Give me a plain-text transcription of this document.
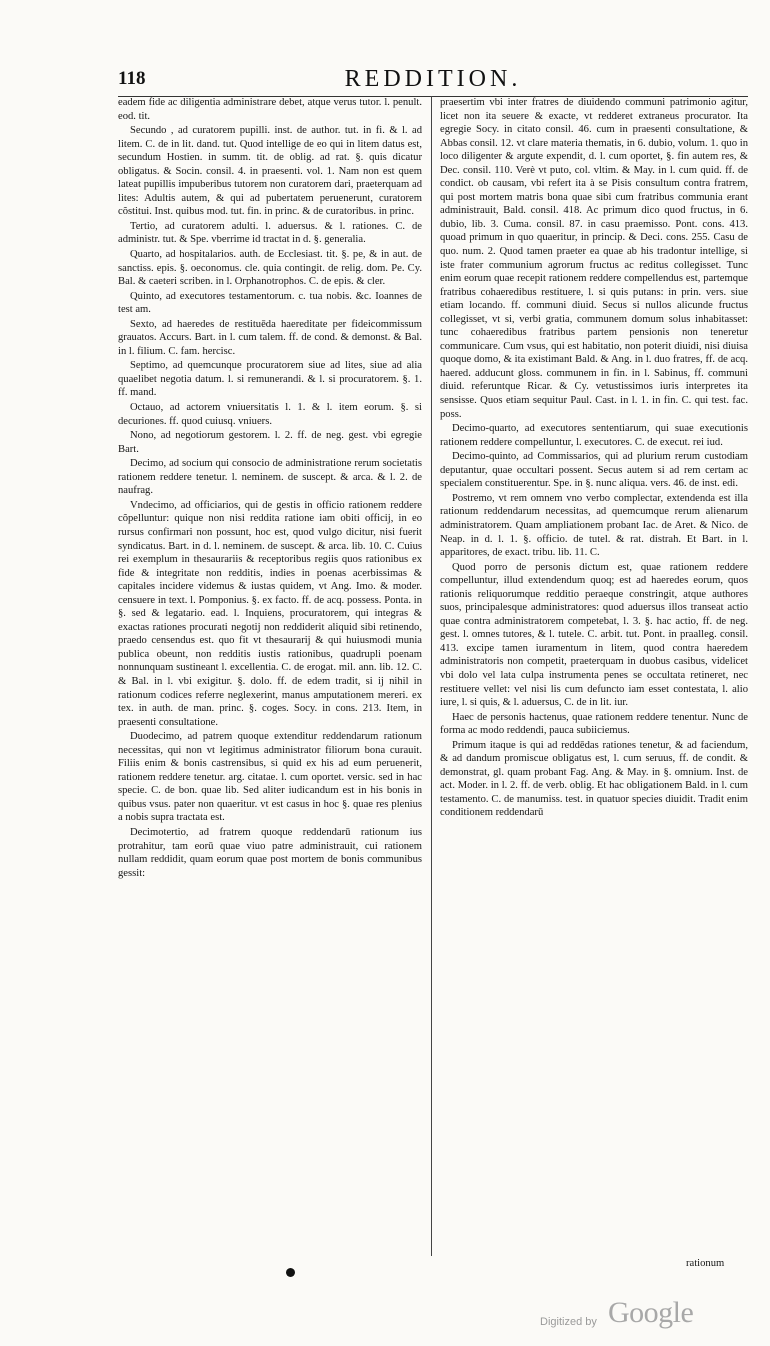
118	REDDITION.

eadem fide ac diligentia administrare debet, atque verus tutor. l. penult. eod. tit.

Secundo , ad curatorem pupilli. inst. de author. tut. in fi. & l. ad litem. C. de in lit. dand. tut. Quod intellige de eo qui in litem datus est, secundum Hostien. in summ. tit. de oblig. ad rat. §. quis dicatur obligatus. & Socin. consil. 4. in praesenti. vol. 1. Nam non est quem lateat pupillis impuberibus tutorem non curatorem dari, praeterquam ad lites: Adultis autem, & qui ad pubertatem peruenerunt, curatorem cõstitui. Inst. quibus mod. tut. fin. in princ. & de curatoribus. in princ.

Tertio, ad curatorem adulti. l. aduersus. & l. rationes. C. de administr. tut. & Spe. vberrime id tractat in d. §. generalia.

Quarto, ad hospitalarios. auth. de Ecclesiast. tit. §. pe, & in aut. de sanctiss. epis. §. oeconomus. cle. quia contingit. de relig. dom. Pe. Cy. Bal. & caeteri scriben. in l. Orphanotrophos. C. de epis. & cler.

Quinto, ad executores testamentorum. c. tua nobis. &c. Ioannes de test am.

Sexto, ad haeredes de restituēda haereditate per fideicommissum grauatos. Accurs. Bart. in l. cum talem. ff. de cond. & demonst. & Bal. in l. filium. C. fam. hercisc.

Septimo, ad quemcunque procuratorem siue ad lites, siue ad alia quaelibet negotia datum. l. si remunerandi. & l. si procuratorem. §. 1. ff. mand.

Octauo, ad actorem vniuersitatis l. 1. & l. item eorum. §. si decuriones. ff. quod cuiusq. vniuers.

Nono, ad negotiorum gestorem. l. 2. ff. de neg. gest. vbi egregie Bart.

Decimo, ad socium qui consocio de administratione rerum societatis rationem reddere tenetur. l. neminem. de suscept. & arca. & l. 2. de naufrag.

Vndecimo, ad officiarios, qui de gestis in officio rationem reddere cõpelluntur: quique non nisi reddita ratione iam obiti officij, in eo rursus confirmari non possunt, hoc est, quod vulgo dicitur, nisi fuerit syndicatus. Bart. in d. l. neminem. de suscept. & arca. lib. 10. C. Cuius rei exemplum in thesaurariis & receptoribus regiis quos rationibus ex fide & integritate non redditis, indies in poenas acerbissimas & capitales incidere videmus & iustas quidem, vt Ang. Imo. & moder. censuere in text. l. Pomponius. §. ex facto. ff. de acq. possess. Ponta. in §. sed & legatario. ead. l. Inquiens, procuratorem, qui integras & exactas rationes procurati negotij non reddiderit aliquid sibi retinendo, praedo censendus est. quo fit vt thesaurarij & qui huiusmodi munia publica obeunt, non redditis iustis rationibus, quadrupli poenam nonnunquam sustineant l. excellentia. C. de erogat. mil. ann. lib. 12. C. & Bal. in l. vbi exigitur. §. dolo. ff. de edem tradit, si ij nihil in rationum codices referre neglexerint, manus amputationem mereri. ex tex. in auth. de man. princ. §. coges. Socy. in cons. 213. Item, in praesenti consultatione.

Duodecimo, ad patrem quoque extenditur reddendarum rationum necessitas, qui non vt legitimus administrator filiorum bona curauit. Filiis enim & bonis castrensibus, si quid ex his ad eum peruenerit, rationem reddere tenetur. arg. citatae. l. cum oportet. versic. sed in hac specie. C. de bon. quae lib. Sed aliter iudicandum est in his bonis in quibus vsus. pater non quaeritur. vt est casus in hoc §. quae res plenius a nobis supra tractata est.

Decimotertio, ad fratrem quoque reddendarū rationum ius protrahitur, tam eorū quae viuo patre administrauit, cui rationem nullam reddidit, quam eorum quae post mortem de bonis communibus gessit:

praesertim vbi inter fratres de diuidendo communi patrimonio agitur, licet non ita seuere & exacte, vt redderet extraneus procurator. Ita egregie Socy. in citato consil. 46. cum in praesenti consultatione, & Abbas consil. 12. vt clare materia thematis, in 6. dubio, volum. 1. quo in loco diligenter & argute expendit, d. l. cum oportet, §. fin autem res, & Dec. consil. 110. Verè vt puto, col. vltim. & May. in l. cum quid. ff. de condict. ob causam, vbi refert ita à se Pisis consultum contra fratrem, qui post mortem matris bona quae sibi cum fratribus communia erant administrauit, Bald. consil. 418. Ac primum dico quod fructus, in 6. dubio, lib. 3. Cuma. consil. 87. in casu praemisso. Pont. cons. 413. quoad primum in quo quaeritur, in princip. & Deci. cons. 255. Casu de quo. num. 2. Quod tamen praeter ea quae ab his tradontur intellige, si iste frater communium agrorum fructus ac reditus collegisset. Tunc enim eorum quae recepit rationem reddere compellendus est, partemque fratribus cohaeredibus restituere, l. si quis putans: in prin. vers. siue etiam locando. ff. communi diuid. Secus si nullos alicunde fructus collegisset, vt si, verbi gratia, communem domum solus inhabitasset: tunc cohaeredibus fratribus partem pensionis non teneretur communicare. Cum vsus, qui est habitatio, non poterit diuidi, nisi diuisa quoque domo, & ita existimant Bald. & Ang. in l. duo fratres, ff. de acq. haered. adducunt gloss. communem in fin. in l. Sabinus, ff. communi diuid. referuntque Ricar. & Cy. vetustissimos iuris interpretes ita sensisse. Quos etiam sequitur Paul. Cast. in l. 1. in fin. C. qui test. fac. poss.

Decimo-quarto, ad executores sententiarum, qui suae executionis rationem reddere compelluntur, l. executores. C. de execut. rei iud.

Decimo-quinto, ad Commissarios, qui ad plurium rerum custodiam deputantur, quae occultari possent. Secus autem si ad rem certam ac specialem constituerentur. Spe. in §. nunc aliqua. vers. 46. de inst. edi.

Postremo, vt rem omnem vno verbo complectar, extendenda est illa rationum reddendarum necessitas, ad quemcumque rerum alienarum administratorem. Quam ampliationem probant Iac. de Aret. & Nico. de Neap. in d. l. 1. §. officio. de tutel. & rat. distrah. Et Bart. in l. apparitores, de exact. tribu. lib. 11. C.

Quod porro de personis dictum est, quae rationem reddere compelluntur, illud extendendum quoq; est ad haeredes eorum, quos rationis reliquorumque redditio peraeque constringit, atque authores suos, principalesque administratores: quod aduersus illos transeat actio quae contra administratorem competebat, l. 3. §. hac actio, ff. de neg. gest. l. omnes tutores, & l. tutele. C. arbit. tut. Pont. in praalleg. consil. 413. excipe tamen iuramentum in litem, quod contra haeredem administratoris non competit, praeterquam in duobus casibus, videlicet vbi dolo vel lata culpa instrumenta penes se occultata retineret, nec restituere vellet: vel nisi lis cum defuncto iam esset contestata, l. alio iure, l. si quis, & l. aduersus, C. de in lit. iur.

Haec de personis hactenus, quae rationem reddere tenentur. Nunc de forma ac modo reddendi, pauca subiiciemus.

Primum itaque is qui ad reddēdas rationes tenetur, & ad faciendum, & ad dandum promiscue obligatus est, l. cum seruus, ff. de condit. & demonstrat, gl. quam probant Fag. Ang. & May. in §. omnium. Inst. de act. Moder. in l. 2. ff. de verb. oblig. Et hac obligationem Bald. in l. cum testamento. C. de manumiss. test. in quatuor species diuidit. Tradit enim conditionem reddendarū

rationum
Digitized by Google
